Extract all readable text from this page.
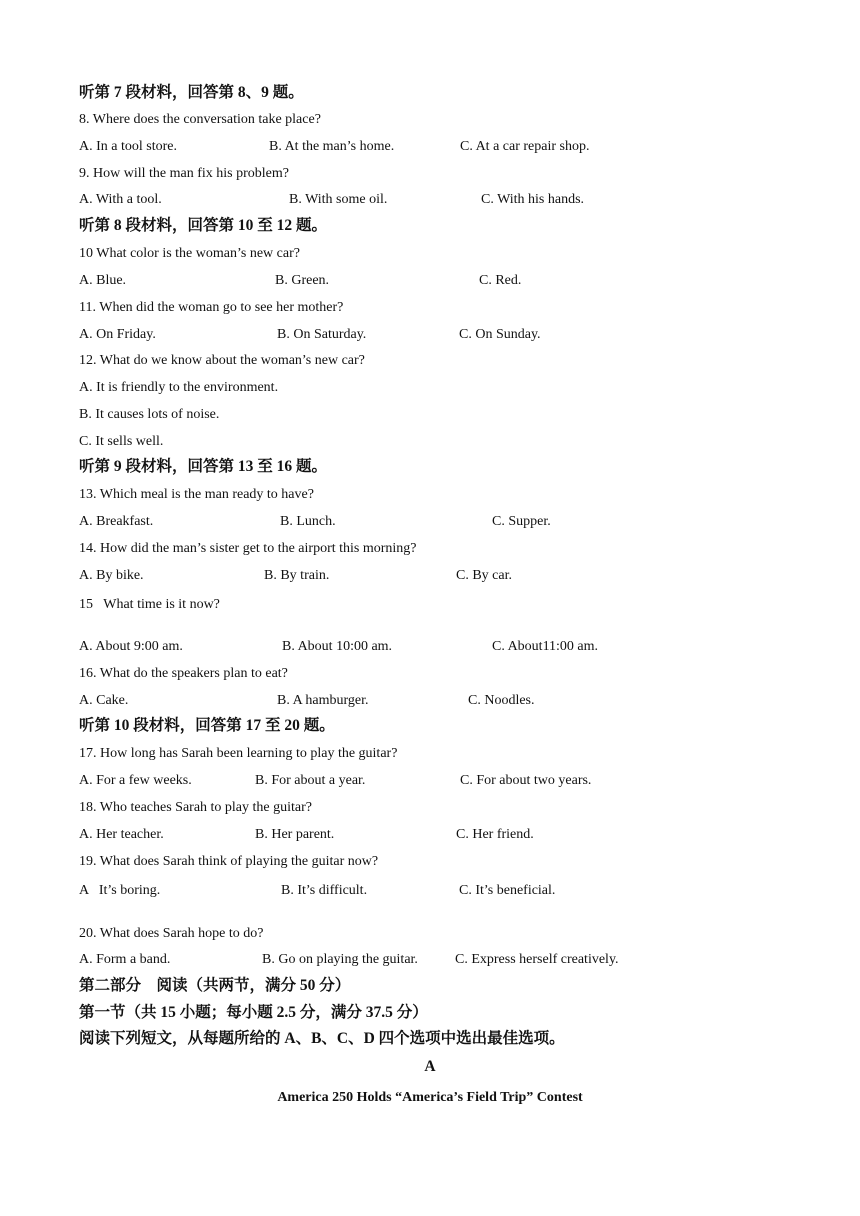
听第 7 段材料，回答第 8、9 题。
8. Where does the conversation take place?
A. In a tool store.	B. At the man’s home.	C. At a car repair shop.
9. How will the man fix his problem?
A. With a tool.	B. With some oil.	C. With his hands.
听第 8 段材料，回答第 10 至 12 题。
10 What color is the woman’s new car?
A. Blue.	B. Green.	C. Red.
11. When did the woman go to see her mother?
A. On Friday.	B. On Saturday.	C. On Sunday.
12. What do we know about the woman’s new car?
A. It is friendly to the environment.
B. It causes lots of noise.
C. It sells well.
听第 9 段材料，回答第 13 至 16 题。
13. Which meal is the man ready to have?
A. Breakfast.	B. Lunch.	C. Supper.
14. How did the man’s sister get to the airport this morning?
A. By bike.	B. By train.	C. By car.
15   What time is it now?
A. About 9:00 am.	B. About 10:00 am.	C. About11:00 am.
16. What do the speakers plan to eat?
A. Cake.	B. A hamburger.	C. Noodles.
听第 10 段材料，回答第 17 至 20 题。
17. How long has Sarah been learning to play the guitar?
A. For a few weeks.	B. For about a year.	C. For about two years.
18. Who teaches Sarah to play the guitar?
A. Her teacher.	B. Her parent.	C. Her friend.
19. What does Sarah think of playing the guitar now?
A   It’s boring.	B. It’s difficult.	C. It’s beneficial.
20. What does Sarah hope to do?
A. Form a band.	B. Go on playing the guitar.	C. Express herself creatively.
第二部分    阅读（共两节，满分 50 分）
第一节（共 15 小题；每小题 2.5 分，满分 37.5 分）
阅读下列短文，从每题所给的 A、B、C、D 四个选项中选出最佳选项。
A
America 250 Holds “America’s Field Trip” Contest
